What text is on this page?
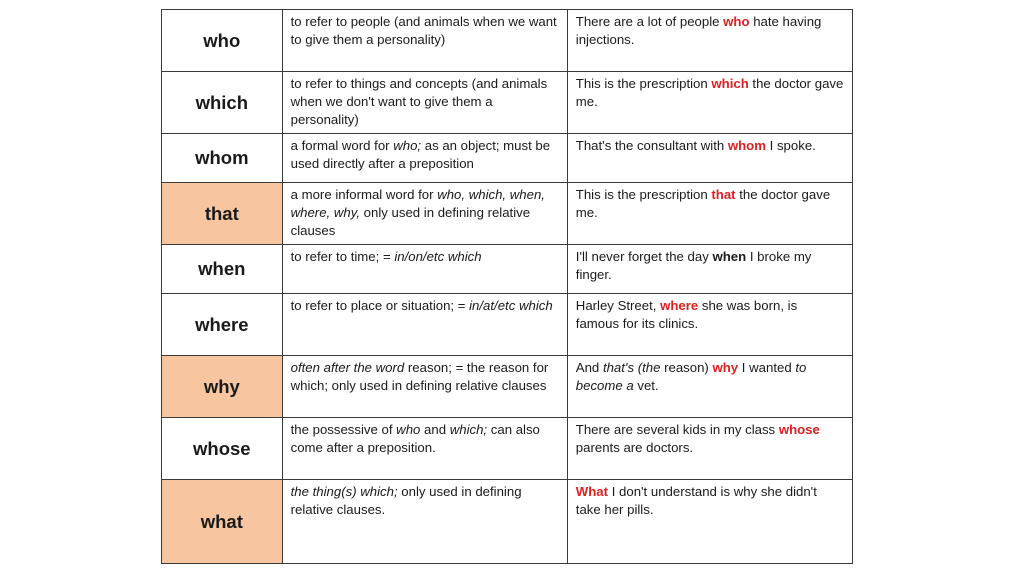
who	to refer to people (and animals when we want to give them a personality)	There are a lot of people who hate having injections.
which	to refer to things and concepts (and animals when we don't want to give them a personality)	This is the prescription which the doctor gave me.
whom	a formal word for who; as an object; must be used directly after a preposition	That's the consultant with whom I spoke.
that	a more informal word for who, which, when, where, why, only used in defining relative clauses	This is the prescription that the doctor gave me.
when	to refer to time; = in/on/etc which	I'll never forget the day when I broke my finger.
where	to refer to place or situation; = in/at/etc which	Harley Street, where she was born, is famous for its clinics.
why	often after the word reason; = the reason for which; only used in defining relative clauses	And that's (the reason) why I wanted to become a vet.
whose	the possessive of who and which; can also come after a preposition.	There are several kids in my class whose parents are doctors.
what	the thing(s) which; only used in defining relative clauses.	What I don't understand is why she didn't take her pills.
